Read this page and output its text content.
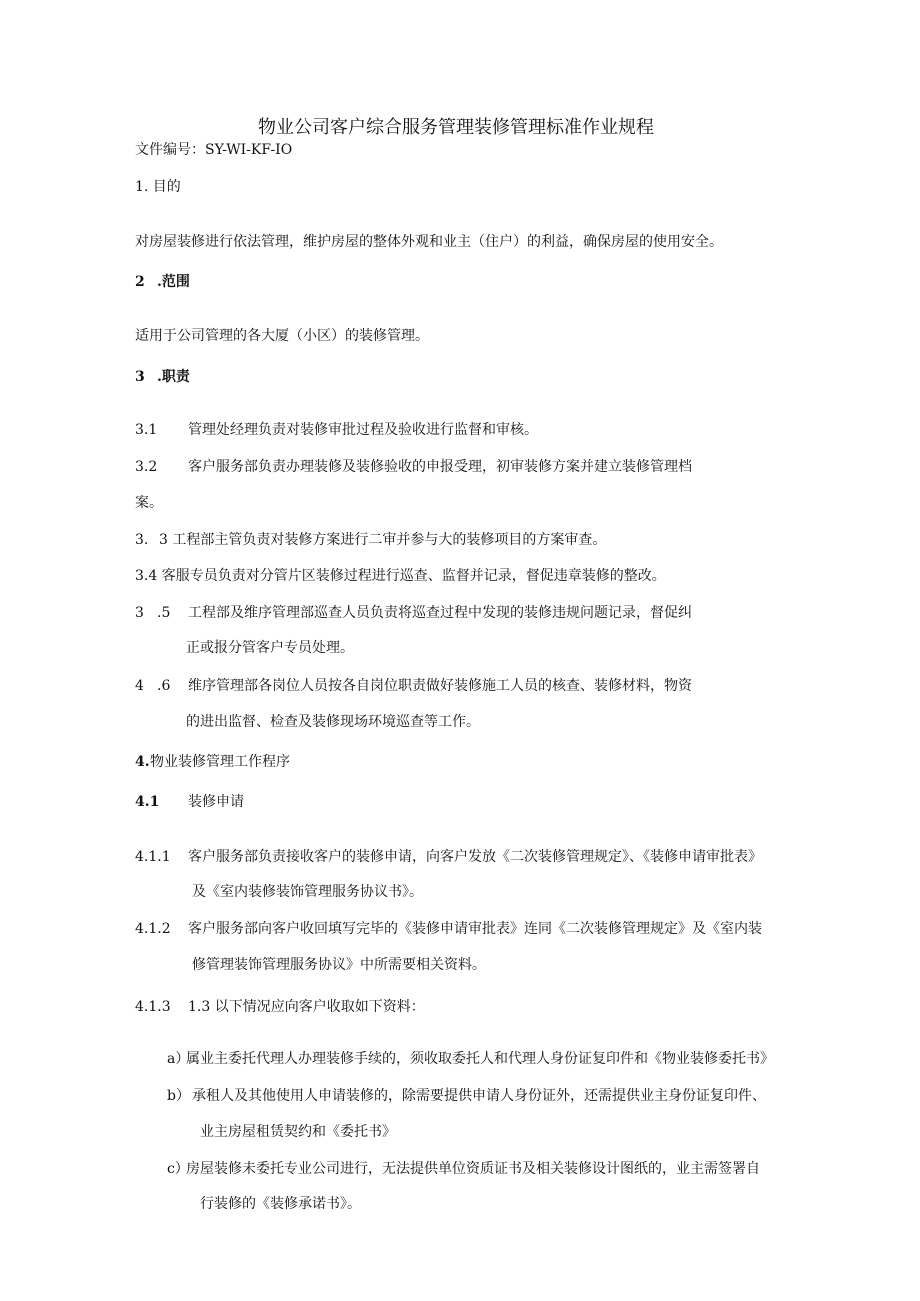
物业公司客户综合服务管理装修管理标准作业规程
文件编号：SY-WI-KF-IO
1. 目的
对房屋装修进行依法管理，维护房屋的整体外观和业主（住户）的利益，确保房屋的使用安全。
2 .范围
适用于公司管理的各大厦（小区）的装修管理。
3 .职责
3.1 管理处经理负责对装修审批过程及验收进行监督和审核。
3.2 客户服务部负责办理装修及装修验收的申报受理，初审装修方案并建立装修管理档
案。
3. 3 工程部主管负责对装修方案进行二审并参与大的装修项目的方案审查。
3.4 客服专员负责对分管片区装修过程进行巡查、监督并记录，督促违章装修的整改。
3 .5 工程部及维序管理部巡查人员负责将巡查过程中发现的装修违规问题记录，督促纠
正或报分管客户专员处理。
4 .6 维序管理部各岗位人员按各自岗位职责做好装修施工人员的核查、装修材料，物资
的进出监督、检查及装修现场环境巡查等工作。
4. 物业装修管理工作程序
4.1 装修申请
4.1.1 客户服务部负责接收客户的装修申请，向客户发放《二次装修管理规定》、《装修申请审批表》
及《室内装修装饰管理服务协议书》。
4.1.2 客户服务部向客户收回填写完毕的《装修申请审批表》连同《二次装修管理规定》及《室内装
修管理装饰管理服务协议》中所需要相关资料。
4.1.3 1.3 以下情况应向客户收取如下资料：
a）
属业主委托代理人办理装修手续的，须收取委托人和代理人身份证复印件和《物业装修委托书》
b） 承租人及其他使用人申请装修的，除需要提供申请人身份证外，还需提供业主身份证复印件、
业主房屋租赁契约和《委托书》
c）
房屋装修未委托专业公司进行，无法提供单位资质证书及相关装修设计图纸的，业主需签署自
行装修的《装修承诺书》。
